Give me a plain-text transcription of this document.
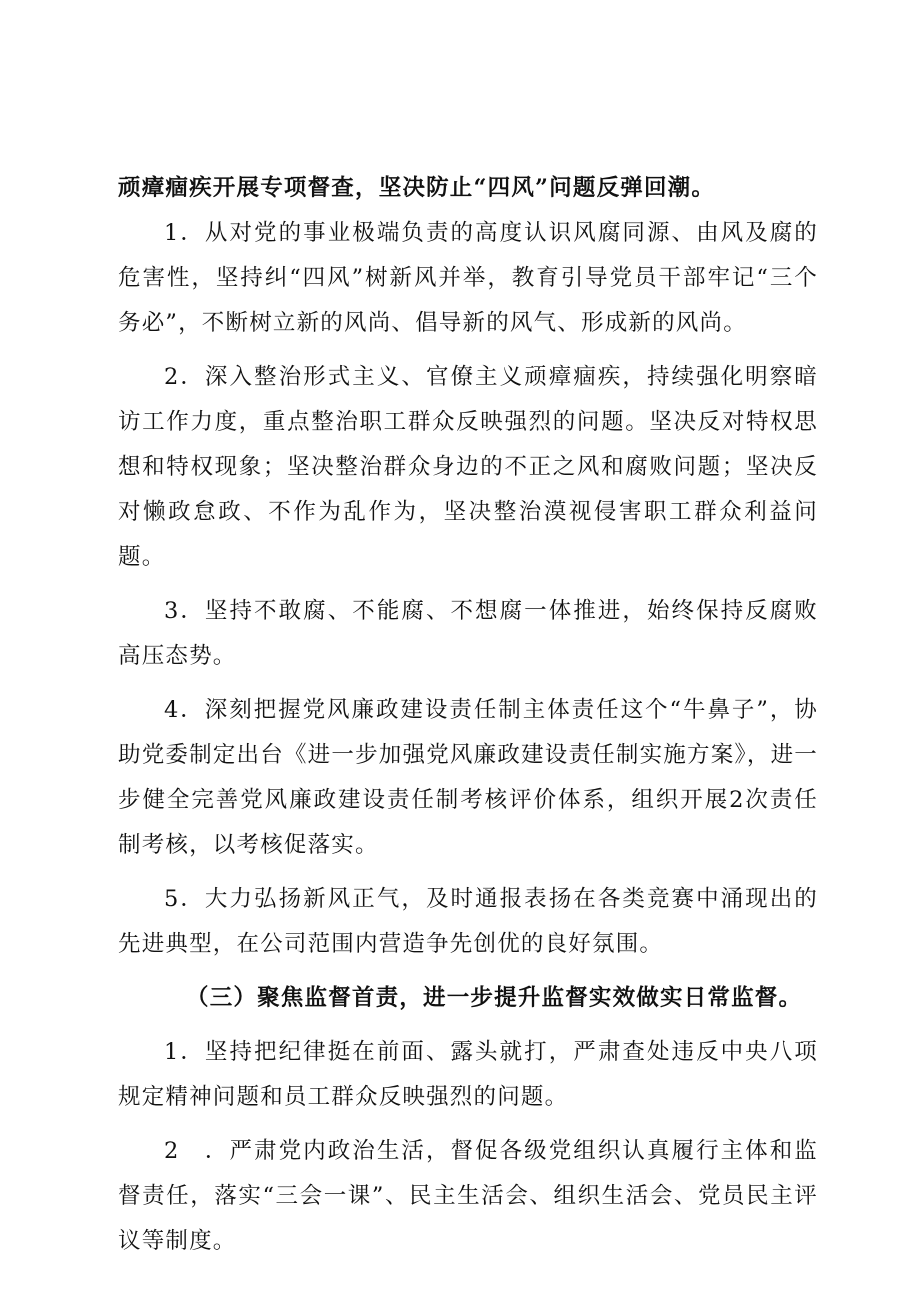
顽瘴痼疾开展专项督查，坚决防止“四风”问题反弹回潮。

1．从对党的事业极端负责的高度认识风腐同源、由风及腐的危害性，坚持纠“四风”树新风并举，教育引导党员干部牢记“三个务必”，不断树立新的风尚、倡导新的风气、形成新的风尚。

2．深入整治形式主义、官僚主义顽瘴痼疾，持续强化明察暗访工作力度，重点整治职工群众反映强烈的问题。坚决反对特权思想和特权现象；坚决整治群众身边的不正之风和腐败问题；坚决反对懒政怠政、不作为乱作为，坚决整治漠视侵害职工群众利益问题。

3．坚持不敢腐、不能腐、不想腐一体推进，始终保持反腐败高压态势。

4．深刻把握党风廉政建设责任制主体责任这个“牛鼻子”，协助党委制定出台《进一步加强党风廉政建设责任制实施方案》，进一步健全完善党风廉政建设责任制考核评价体系，组织开展2次责任制考核，以考核促落实。

5．大力弘扬新风正气，及时通报表扬在各类竞赛中涌现出的先进典型，在公司范围内营造争先创优的良好氛围。

（三）聚焦监督首责，进一步提升监督实效做实日常监督。

1．坚持把纪律挺在前面、露头就打，严肃查处违反中央八项规定精神问题和员工群众反映强烈的问题。

2　．严肃党内政治生活，督促各级党组织认真履行主体和监督责任，落实“三会一课”、民主生活会、组织生活会、党员民主评议等制度。
